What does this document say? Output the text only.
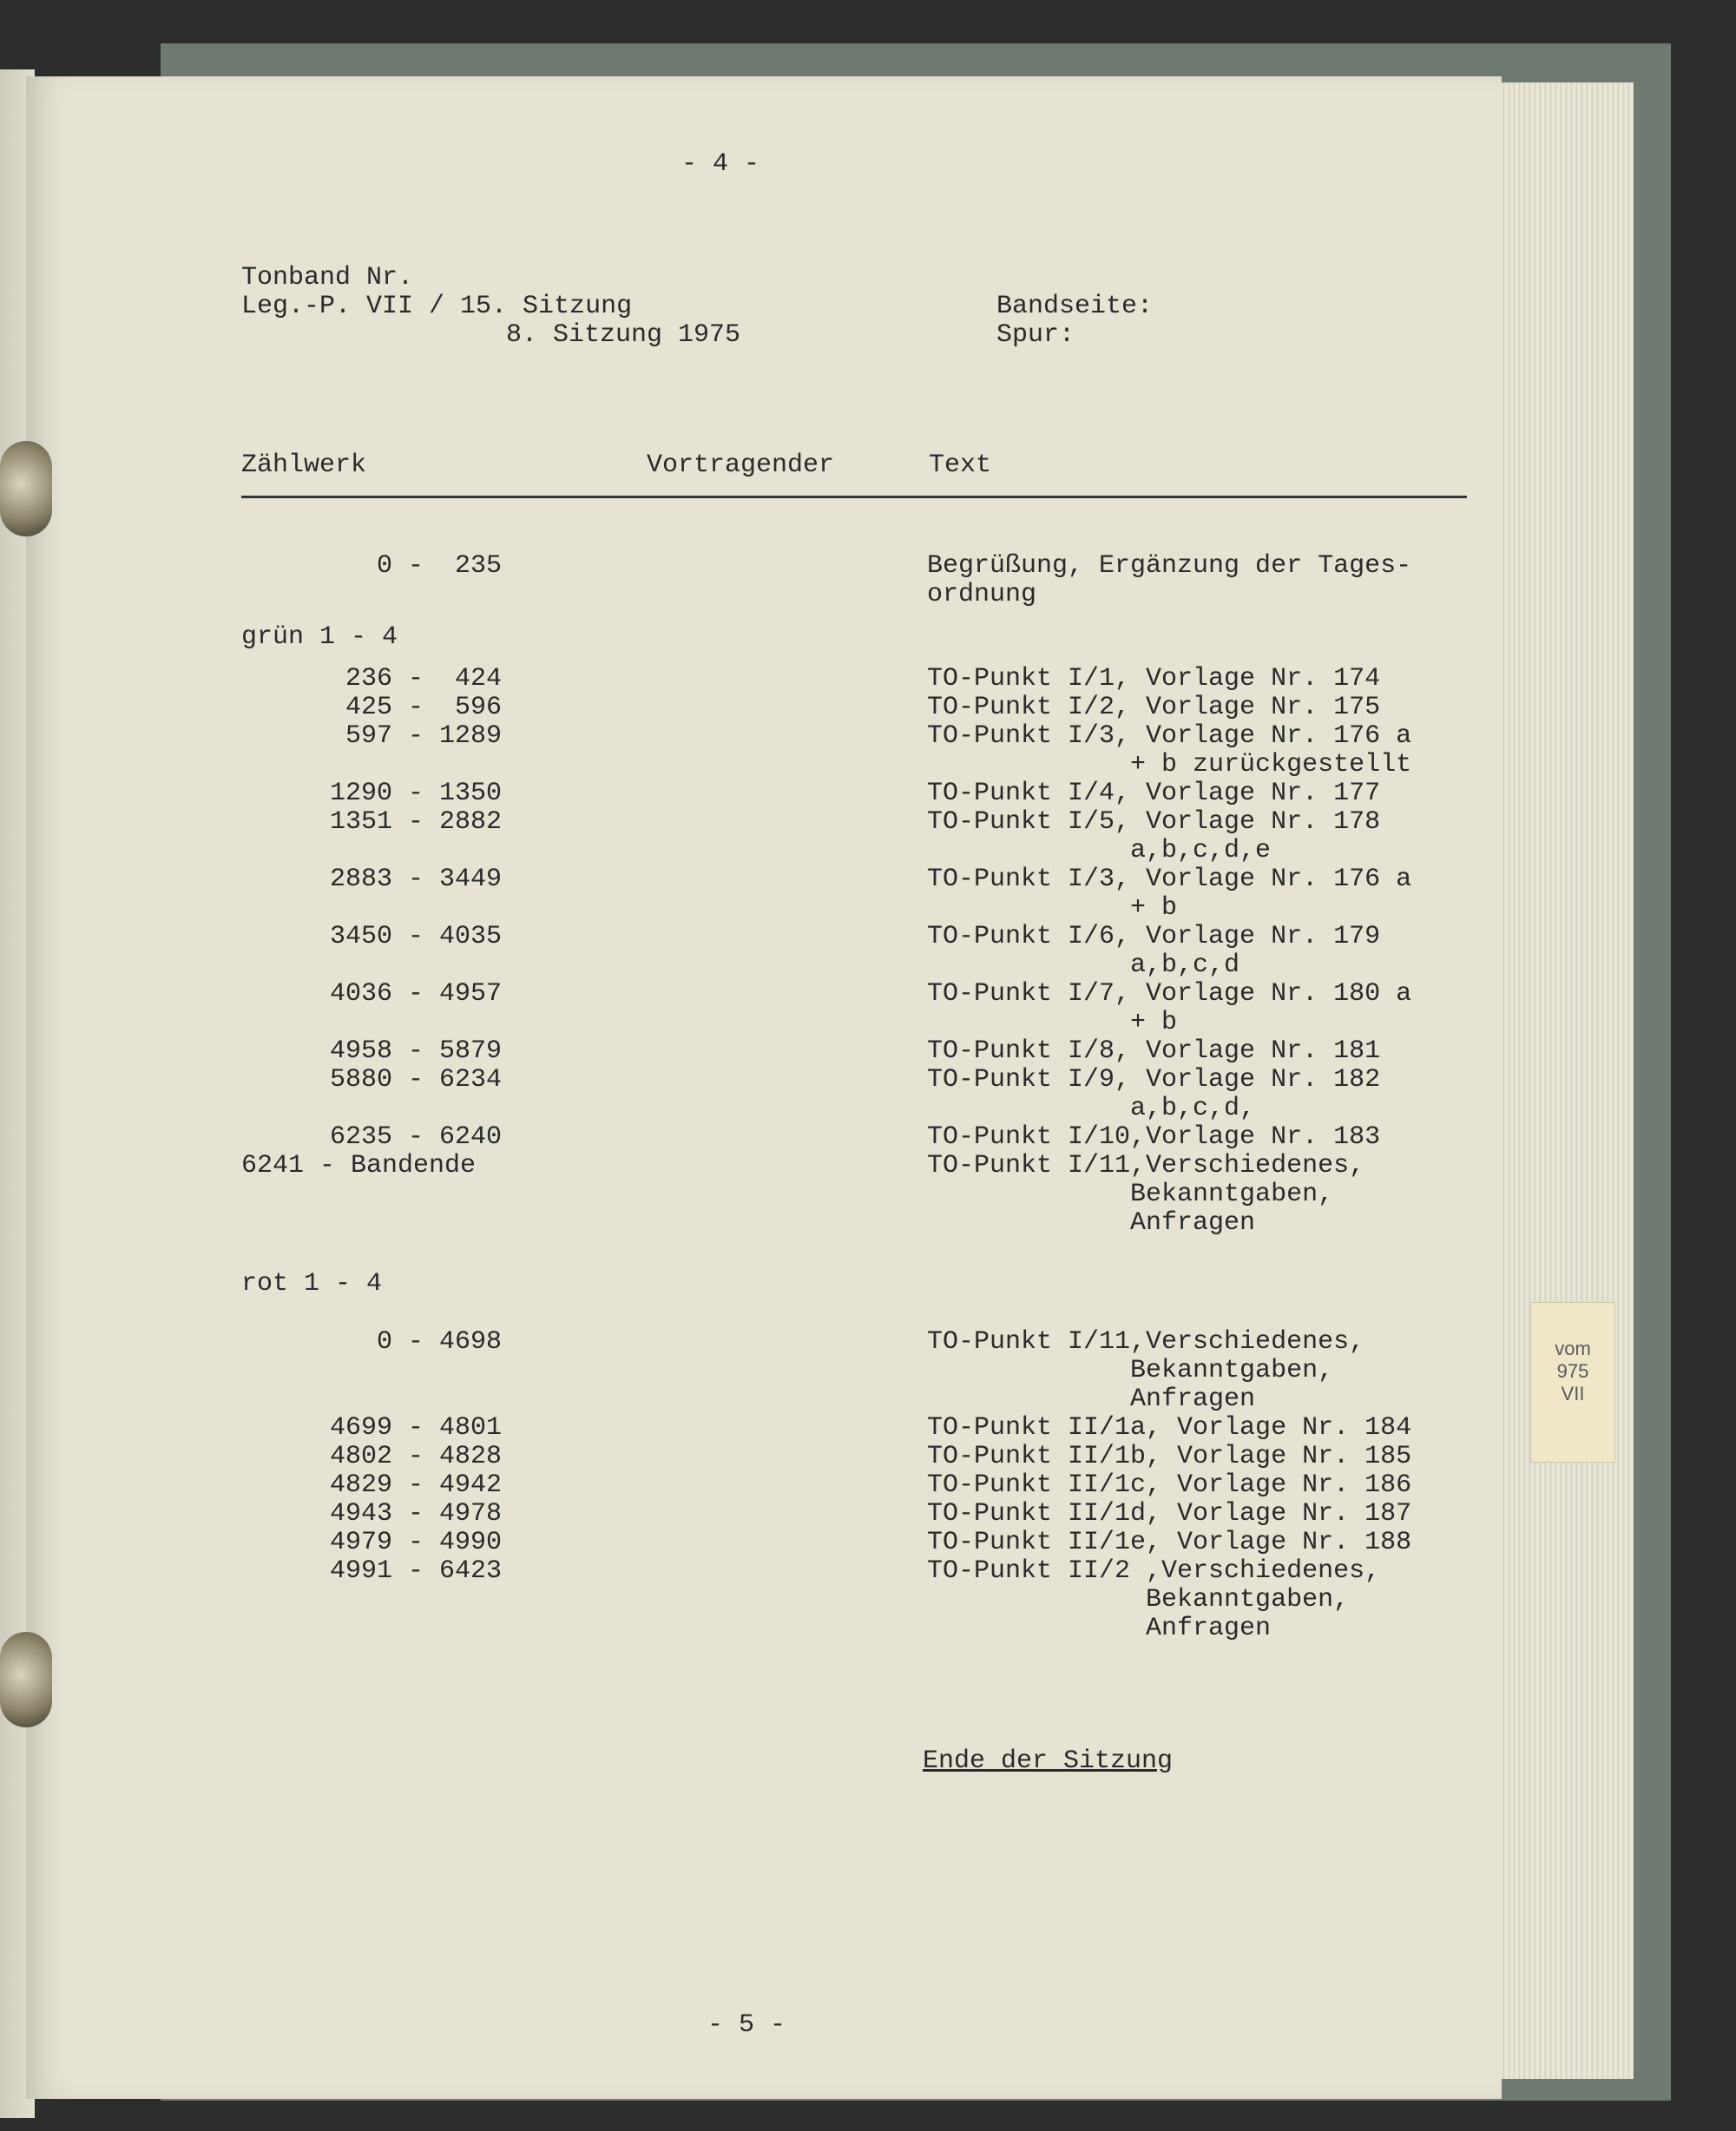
- 4 -
Tonband Nr.
Leg.-P. VII / 15. Sitzung
8. Sitzung 1975
Bandseite:
Spur:
Zählwerk	Vortragender	Text
0 -  235	Begrüßung, Ergänzung der Tages-
ordnung
grün 1 - 4
236 -  424	TO-Punkt I/1, Vorlage Nr. 174
425 -  596	TO-Punkt I/2, Vorlage Nr. 175
597 - 1289	TO-Punkt I/3, Vorlage Nr. 176 a
+ b zurückgestellt
1290 - 1350	TO-Punkt I/4, Vorlage Nr. 177
1351 - 2882	TO-Punkt I/5, Vorlage Nr. 178
a,b,c,d,e
2883 - 3449	TO-Punkt I/3, Vorlage Nr. 176 a
+ b
3450 - 4035	TO-Punkt I/6, Vorlage Nr. 179
a,b,c,d
4036 - 4957	TO-Punkt I/7, Vorlage Nr. 180 a
+ b
4958 - 5879	TO-Punkt I/8, Vorlage Nr. 181
5880 - 6234	TO-Punkt I/9, Vorlage Nr. 182
a,b,c,d,
6235 - 6240	TO-Punkt I/10,Vorlage Nr. 183
6241 - Bandende	TO-Punkt I/11,Verschiedenes,
Bekanntgaben,
Anfragen
rot 1 - 4
0 - 4698	TO-Punkt I/11,Verschiedenes,
Bekanntgaben,
Anfragen
4699 - 4801	TO-Punkt II/1a, Vorlage Nr. 184
4802 - 4828	TO-Punkt II/1b, Vorlage Nr. 185
4829 - 4942	TO-Punkt II/1c, Vorlage Nr. 186
4943 - 4978	TO-Punkt II/1d, Vorlage Nr. 187
4979 - 4990	TO-Punkt II/1e, Vorlage Nr. 188
4991 - 6423	TO-Punkt II/2 ,Verschiedenes,
Bekanntgaben,
Anfragen
Ende der Sitzung
- 5 -
vom
975
VII
